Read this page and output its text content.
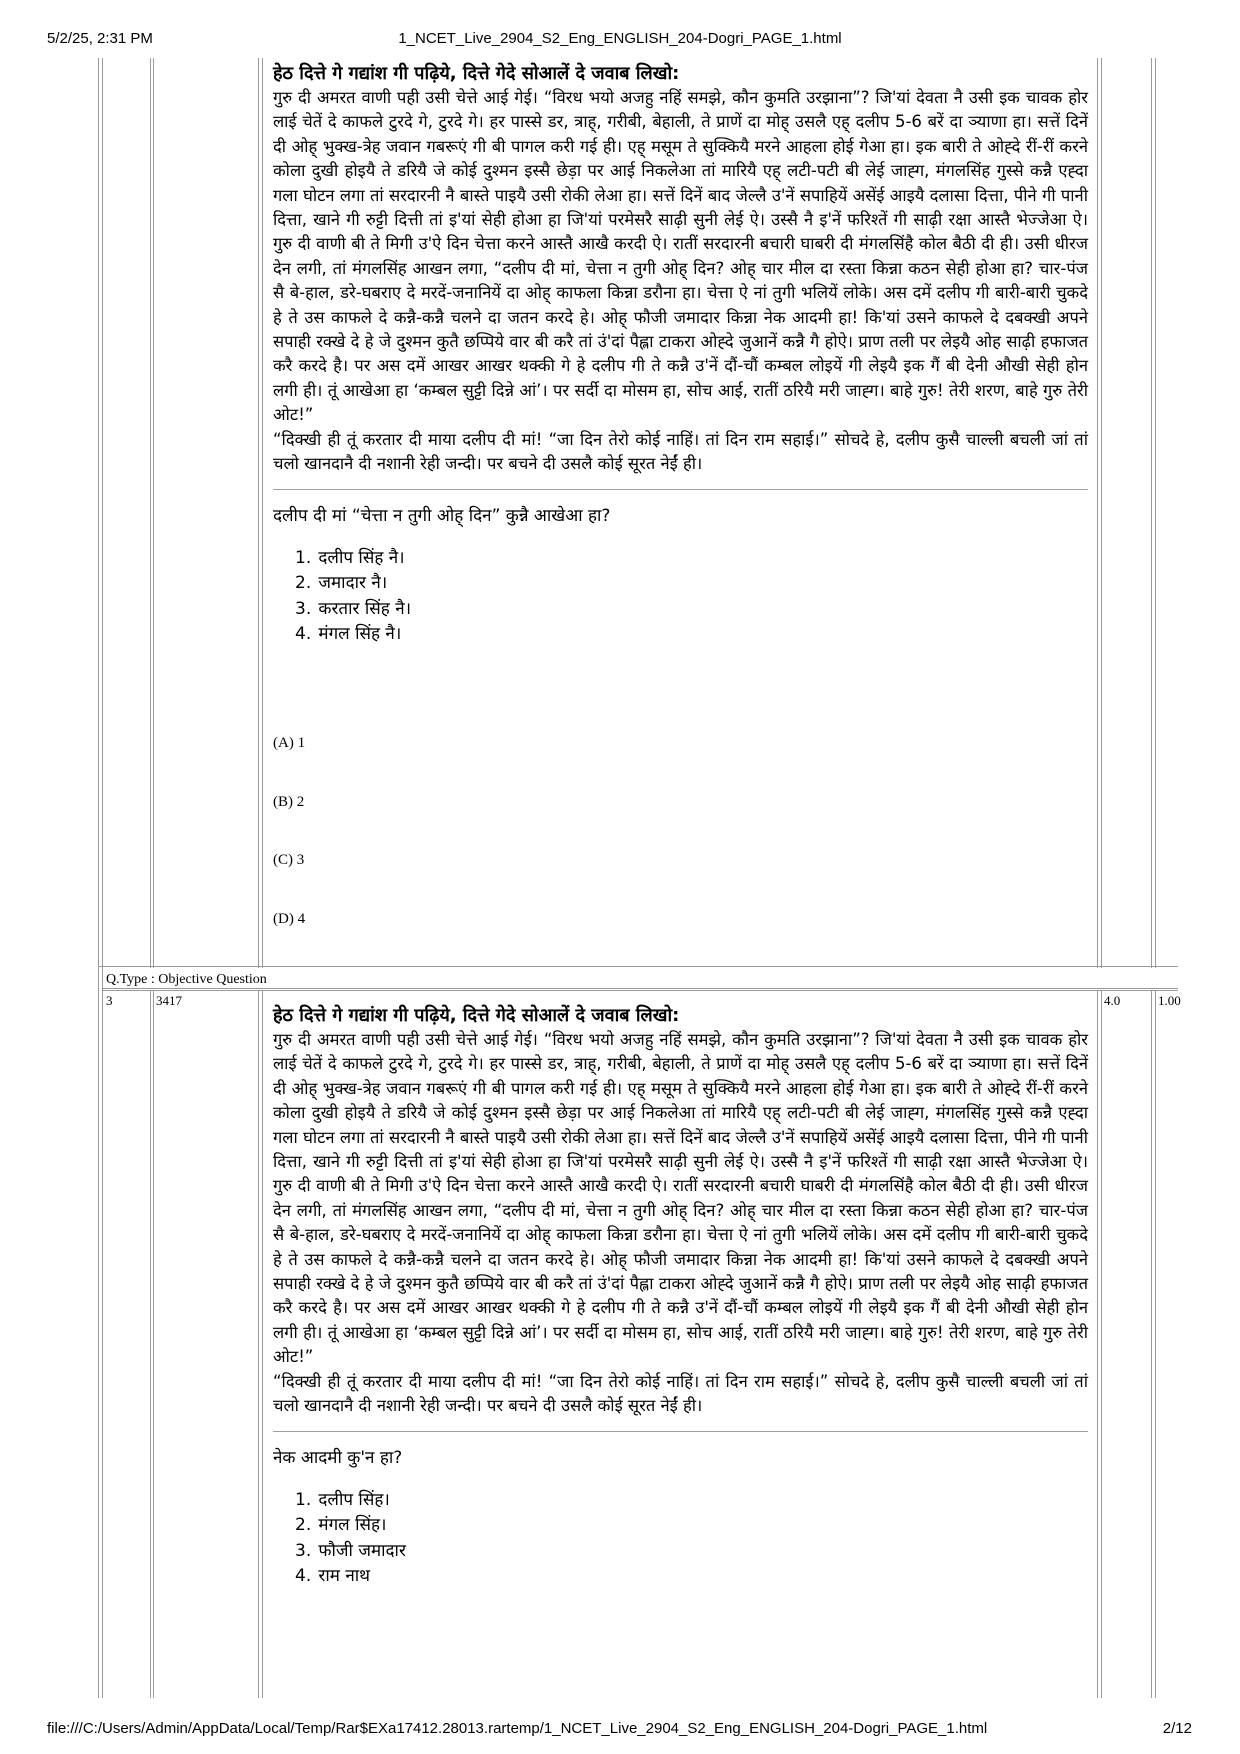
5/2/25, 2:31 PM	1_NCET_Live_2904_S2_Eng_ENGLISH_204-Dogri_PAGE_1.html
Q.Type : Objective Question
3	3417	4.0	1.00

हेठ दित्ते गे गद्यांश गी पढ़िये, दित्ते गेदे सोआलें दे जवाब लिखो:

गुरु दी अमरत वाणी पही उसी चेत्ते आई गेई। “विरध भयो अजहु नहिं समझे, कौन कुमति उरझाना”? जि'यां देवता नै उसी इक चावक होर लाई चेतें दे काफले टुरदे गे, टुरदे गे। हर पास्से डर, त्राह्, गरीबी, बेहाली, ते प्राणें दा मोह् उसलै एह् दलीप 5-6 बरें दा ञ्याणा हा। सत्तें दिनें दी ओह् भुक्ख-त्रेह जवान गबरूएं गी बी पागल करी गई ही। एह् मसूम ते सुक्कियै मरने आहला होई गेआ हा। इक बारी ते ओह्दे रीं-रीं करने कोला दुखी होइयै ते डरियै जे कोई दुश्मन इस्सै छेड़ा पर आई निकलेआ तां मारियै एह् लटी-पटी बी लेई जाह्ग, मंगलसिंह गुस्से कन्नै एह्दा गला घोटन लगा तां सरदारनी नै बास्ते पाइयै उसी रोकी लेआ हा। सत्तें दिनें बाद जेल्लै उ'नें सपाहियें असेंई आइयै दलासा दित्ता, पीने गी पानी दित्ता, खाने गी रुट्टी दित्ती तां इ'यां सेही होआ हा जि'यां परमेसरै साढ़ी सुनी लेई ऐ। उस्सै नै इ'नें फरिश्तें गी साढ़ी रक्षा आस्तै भेज्जेआ ऐ। गुरु दी वाणी बी ते मिगी उ'ऐ दिन चेत्ता करने आस्तै आखै करदी ऐ। रातीं सरदारनी बचारी घाबरी दी मंगलसिंहै कोल बैठी दी ही। उसी धीरज देन लगी, तां मंगलसिंह आखन लगा, “दलीप दी मां, चेत्ता न तुगी ओह् दिन? ओह् चार मील दा रस्ता किन्ना कठन सेही होआ हा? चार-पंज सै बे-हाल, डरे-घबराए दे मरदें-जनानियें दा ओह् काफला किन्ना डरौना हा। चेत्ता ऐ नां तुगी भलियें लोके। अस दमें दलीप गी बारी-बारी चुकदे हे ते उस काफले दे कन्नै-कन्नै चलने दा जतन करदे हे। ओह् फौजी जमादार किन्ना नेक आदमी हा! कि'यां उसने काफले दे दबक्खी अपने सपाही रक्खे दे हे जे दुश्मन कुतै छप्पिये वार बी करै तां उं'दां पैह्ला टाकरा ओह्दे जुआनें कन्नै गै होऐ। प्राण तली पर लेइयै ओह साढ़ी हफाजत करै करदे है। पर अस दमें आखर आखर थक्की गे हे दलीप गी ते कन्नै उ'नें दौं-चौं कम्बल लोइयें गी लेइयै इक गैं बी देनी औखी सेही होन लगी ही। तूं आखेआ हा ‘कम्बल सुट्टी दिन्ने आं’। पर सर्दी दा मोसम हा, सोच आई, रातीं ठरियै मरी जाह्ग। बाहे गुरु! तेरी शरण, बाहे गुरु तेरी ओट!”

“दिक्खी ही तूं करतार दी माया दलीप दी मां! “जा दिन तेरो कोई नाहिं। तां दिन राम सहाई।” सोचदे हे, दलीप कुसै चाल्ली बचली जां तां चलो खानदानै दी नशानी रेही जन्दी। पर बचने दी उसलै कोई सूरत नेईं ही।

दलीप दी मां “चेत्ता न तुगी ओह् दिन” कुन्नै आखेआ हा?

1. दलीप सिंह नै।
2. जमादार नै।
3. करतार सिंह नै।
4. मंगल सिंह नै।
(A) 1
(B) 2
(C) 3
(D) 4

हेठ दित्ते गे गद्यांश गी पढ़िये, दित्ते गेदे सोआलें दे जवाब लिखो:

गुरु दी अमरत वाणी पही उसी चेत्ते आई गेई। “विरध भयो अजहु नहिं समझे, कौन कुमति उरझाना”? जि'यां देवता नै उसी इक चावक होर लाई चेतें दे काफले टुरदे गे, टुरदे गे। हर पास्से डर, त्राह्, गरीबी, बेहाली, ते प्राणें दा मोह् उसलै एह् दलीप 5-6 बरें दा ञ्याणा हा। सत्तें दिनें दी ओह् भुक्ख-त्रेह जवान गबरूएं गी बी पागल करी गई ही। एह् मसूम ते सुक्कियै मरने आहला होई गेआ हा। इक बारी ते ओह्दे रीं-रीं करने कोला दुखी होइयै ते डरियै जे कोई दुश्मन इस्सै छेड़ा पर आई निकलेआ तां मारियै एह् लटी-पटी बी लेई जाह्ग, मंगलसिंह गुस्से कन्नै एह्दा गला घोटन लगा तां सरदारनी नै बास्ते पाइयै उसी रोकी लेआ हा। सत्तें दिनें बाद जेल्लै उ'नें सपाहियें असेंई आइयै दलासा दित्ता, पीने गी पानी दित्ता, खाने गी रुट्टी दित्ती तां इ'यां सेही होआ हा जि'यां परमेसरै साढ़ी सुनी लेई ऐ। उस्सै नै इ'नें फरिश्तें गी साढ़ी रक्षा आस्तै भेज्जेआ ऐ। गुरु दी वाणी बी ते मिगी उ'ऐ दिन चेत्ता करने आस्तै आखै करदी ऐ। रातीं सरदारनी बचारी घाबरी दी मंगलसिंहै कोल बैठी दी ही। उसी धीरज देन लगी, तां मंगलसिंह आखन लगा, “दलीप दी मां, चेत्ता न तुगी ओह् दिन? ओह् चार मील दा रस्ता किन्ना कठन सेही होआ हा? चार-पंज सै बे-हाल, डरे-घबराए दे मरदें-जनानियें दा ओह् काफला किन्ना डरौना हा। चेत्ता ऐ नां तुगी भलियें लोके। अस दमें दलीप गी बारी-बारी चुकदे हे ते उस काफले दे कन्नै-कन्नै चलने दा जतन करदे हे। ओह् फौजी जमादार किन्ना नेक आदमी हा! कि'यां उसने काफले दे दबक्खी अपने सपाही रक्खे दे हे जे दुश्मन कुतै छप्पिये वार बी करै तां उं'दां पैह्ला टाकरा ओह्दे जुआनें कन्नै गै होऐ। प्राण तली पर लेइयै ओह साढ़ी हफाजत करै करदे है। पर अस दमें आखर आखर थक्की गे हे दलीप गी ते कन्नै उ'नें दौं-चौं कम्बल लोइयें गी लेइयै इक गैं बी देनी औखी सेही होन लगी ही। तूं आखेआ हा ‘कम्बल सुट्टी दिन्ने आं’। पर सर्दी दा मोसम हा, सोच आई, रातीं ठरियै मरी जाह्ग। बाहे गुरु! तेरी शरण, बाहे गुरु तेरी ओट!”

“दिक्खी ही तूं करतार दी माया दलीप दी मां! “जा दिन तेरो कोई नाहिं। तां दिन राम सहाई।” सोचदे हे, दलीप कुसै चाल्ली बचली जां तां चलो खानदानै दी नशानी रेही जन्दी। पर बचने दी उसलै कोई सूरत नेईं ही।

नेक आदमी कु'न हा?

1. दलीप सिंह।
2. मंगल सिंह।
3. फौजी जमादार
4. राम नाथ
file:///C:/Users/Admin/AppData/Local/Temp/Rar$EXa17412.28013.rartemp/1_NCET_Live_2904_S2_Eng_ENGLISH_204-Dogri_PAGE_1.html	2/12
